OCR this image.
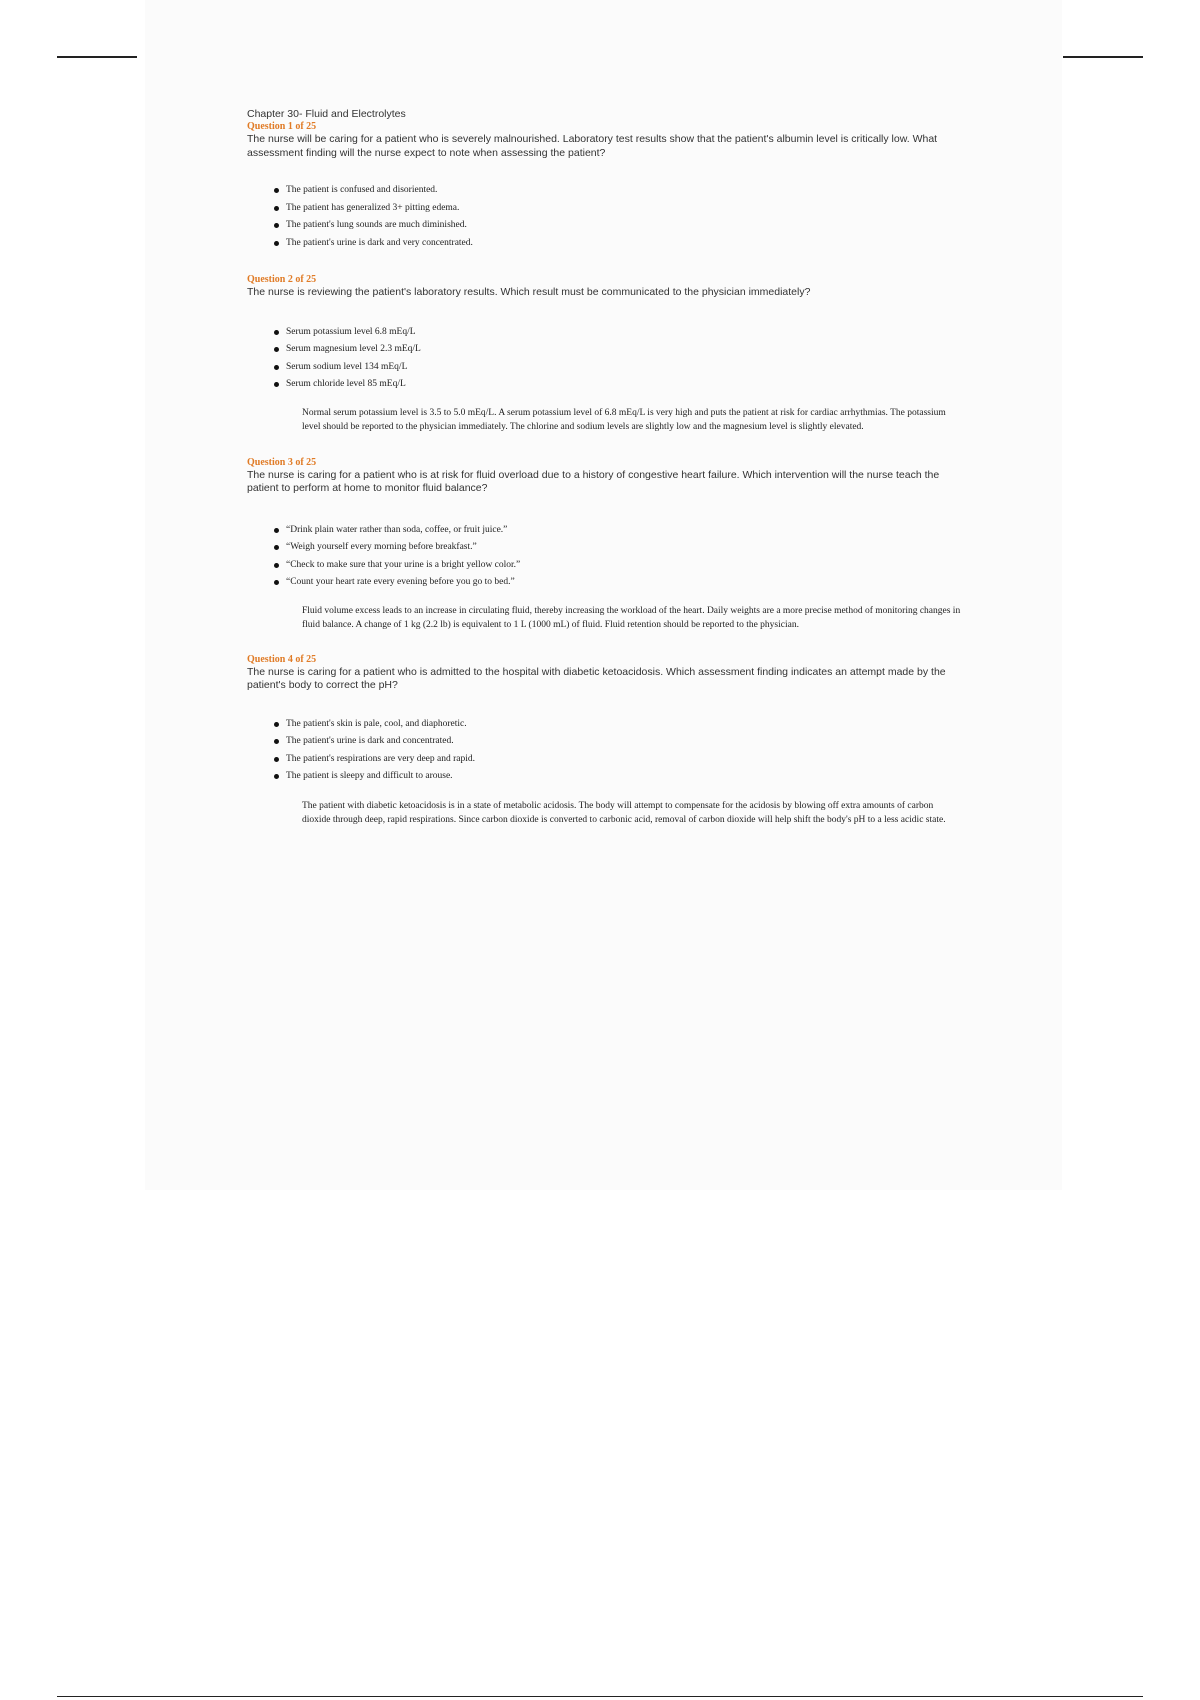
Chapter 30- Fluid and Electrolytes
Question 1 of 25

The nurse will be caring for a patient who is severely malnourished. Laboratory test results show that the patient's albumin level is critically low. What assessment finding will the nurse expect to note when assessing the patient?

The patient is confused and disoriented.
The patient has generalized 3+ pitting edema.
The patient's lung sounds are much diminished.
The patient's urine is dark and very concentrated.
Question 2 of 25

The nurse is reviewing the patient's laboratory results. Which result must be communicated to the physician immediately?

Serum potassium level 6.8 mEq/L
Serum magnesium level 2.3 mEq/L
Serum sodium level 134 mEq/L
Serum chloride level 85 mEq/L

Normal serum potassium level is 3.5 to 5.0 mEq/L. A serum potassium level of 6.8 mEq/L is very high and puts the patient at risk for cardiac arrhythmias. The potassium level should be reported to the physician immediately. The chlorine and sodium levels are slightly low and the magnesium level is slightly elevated.

Question 3 of 25

The nurse is caring for a patient who is at risk for fluid overload due to a history of congestive heart failure. Which intervention will the nurse teach the patient to perform at home to monitor fluid balance?

“Drink plain water rather than soda, coffee, or fruit juice.”
“Weigh yourself every morning before breakfast.”
“Check to make sure that your urine is a bright yellow color.”
“Count your heart rate every evening before you go to bed.”

Fluid volume excess leads to an increase in circulating fluid, thereby increasing the workload of the heart. Daily weights are a more precise method of monitoring changes in fluid balance. A change of 1 kg (2.2 lb) is equivalent to 1 L (1000 mL) of fluid. Fluid retention should be reported to the physician.

Question 4 of 25

The nurse is caring for a patient who is admitted to the hospital with diabetic ketoacidosis. Which assessment finding indicates an attempt made by the patient's body to correct the pH?

The patient's skin is pale, cool, and diaphoretic.
The patient's urine is dark and concentrated.
The patient's respirations are very deep and rapid.
The patient is sleepy and difficult to arouse.

The patient with diabetic ketoacidosis is in a state of metabolic acidosis. The body will attempt to compensate for the acidosis by blowing off extra amounts of carbon dioxide through deep, rapid respirations. Since carbon dioxide is converted to carbonic acid, removal of carbon dioxide will help shift the body's pH to a less acidic state.
